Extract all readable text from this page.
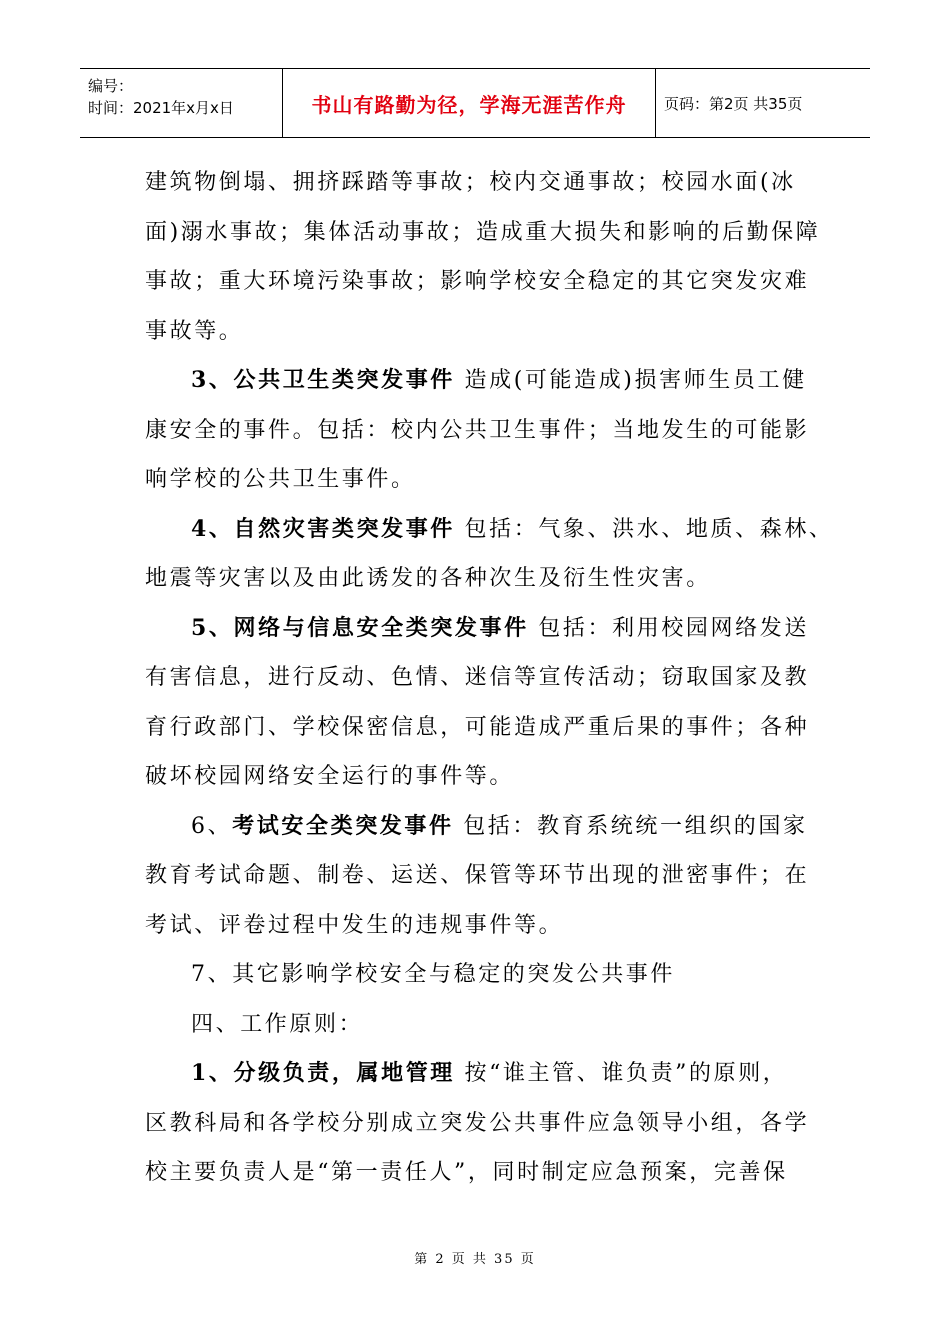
编号：
时间：2021年x月x日	书山有路勤为径，学海无涯苦作舟	页码：第2页 共35页

建筑物倒塌、拥挤踩踏等事故；校内交通事故；校园水面(冰

面)溺水事故；集体活动事故；造成重大损失和影响的后勤保障

事故；重大环境污染事故；影响学校安全稳定的其它突发灾难

事故等。

3、公共卫生类突发事件 造成(可能造成)损害师生员工健

康安全的事件。包括：校内公共卫生事件；当地发生的可能影

响学校的公共卫生事件。

4、自然灾害类突发事件 包括：气象、洪水、地质、森林、

地震等灾害以及由此诱发的各种次生及衍生性灾害。

5、网络与信息安全类突发事件 包括：利用校园网络发送

有害信息，进行反动、色情、迷信等宣传活动；窃取国家及教

育行政部门、学校保密信息，可能造成严重后果的事件；各种

破坏校园网络安全运行的事件等。

6、考试安全类突发事件 包括：教育系统统一组织的国家

教育考试命题、制卷、运送、保管等环节出现的泄密事件；在

考试、评卷过程中发生的违规事件等。

7、其它影响学校安全与稳定的突发公共事件

四、工作原则：

1、分级负责，属地管理 按“谁主管、谁负责”的原则，

区教科局和各学校分别成立突发公共事件应急领导小组，各学

校主要负责人是“第一责任人”，同时制定应急预案，完善保

第 2 页 共 35 页
